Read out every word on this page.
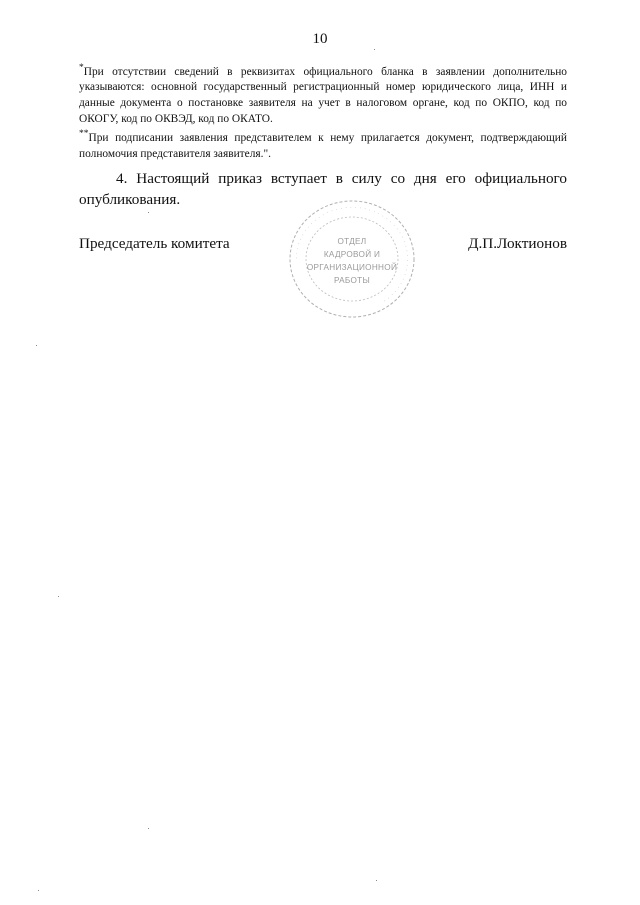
10

*При отсутствии сведений в реквизитах официального бланка в заявлении дополнительно указываются: основной государственный регистрационный номер юридического лица, ИНН и данные документа о постановке заявителя на учет в налоговом органе, код по ОКПО, код по ОКОГУ, код по ОКВЭД, код по ОКАТО.

**При подписании заявления представителем к нему прилагается документ, подтверждающий полномочия представителя заявителя.".

4. Настоящий приказ вступает в силу со дня его официального опубликования.

Председатель комитета	Д.П.Локтионов
· · · · · · · · · · · · · · · · · · · · · · · · · · · · · · · · · · · · · · · · · · · · · ·
ОТДЕЛ
КАДРОВОЙ И
ОРГАНИЗАЦИОННОЙ
РАБОТЫ
